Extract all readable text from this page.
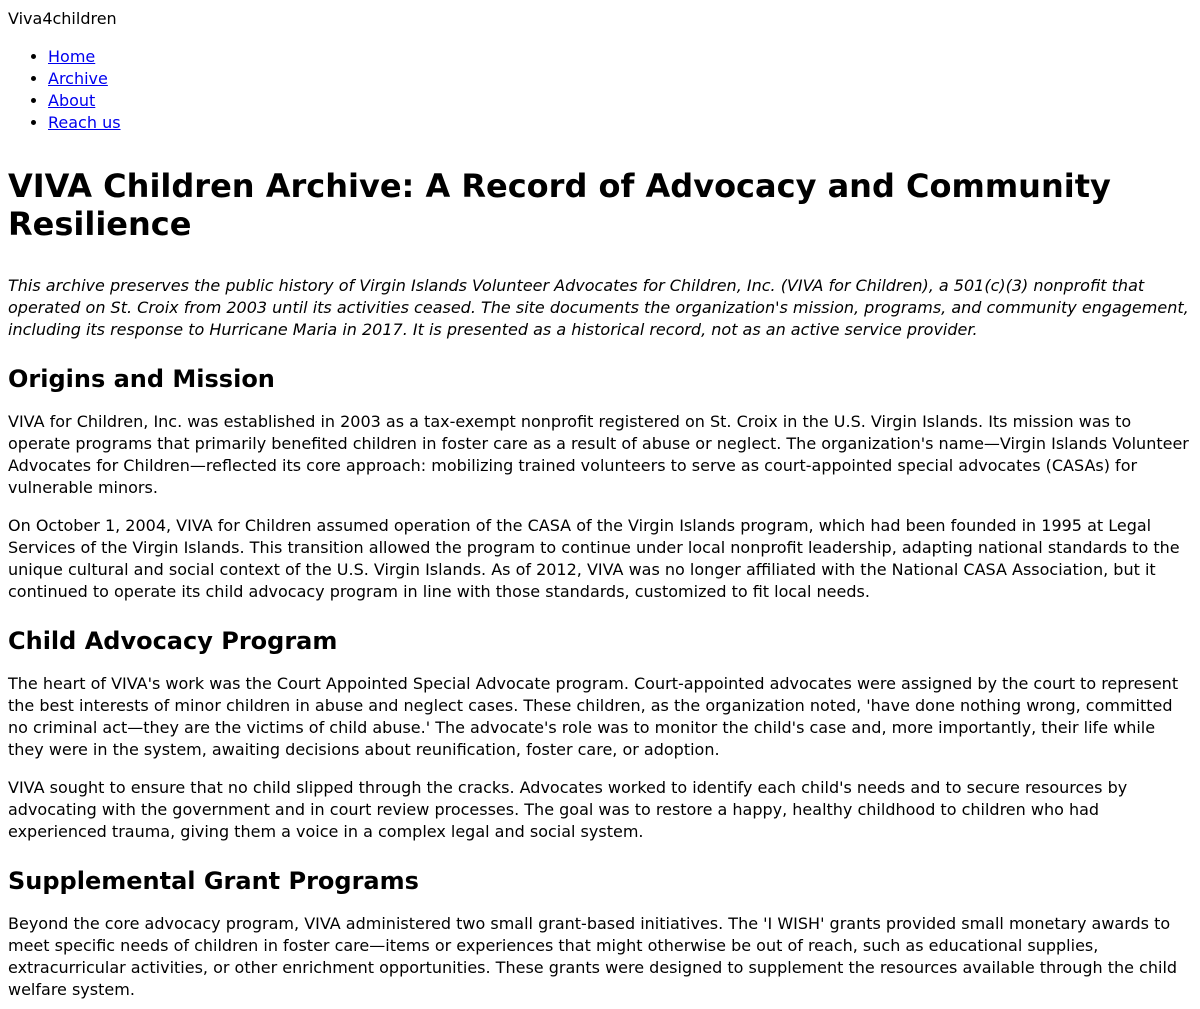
Viva4children
• Home
• Archive
• About
• Reach us
VIVA Children Archive: A Record of Advocacy and Community Resilience

This archive preserves the public history of Virgin Islands Volunteer Advocates for Children, Inc. (VIVA for Children), a 501(c)(3) nonprofit that operated on St. Croix from 2003 until its activities ceased. The site documents the organization's mission, programs, and community engagement, including its response to Hurricane Maria in 2017. It is presented as a historical record, not as an active service provider.

Origins and Mission

VIVA for Children, Inc. was established in 2003 as a tax-exempt nonprofit registered on St. Croix in the U.S. Virgin Islands. Its mission was to operate programs that primarily benefited children in foster care as a result of abuse or neglect. The organization's name—Virgin Islands Volunteer Advocates for Children—reflected its core approach: mobilizing trained volunteers to serve as court-appointed special advocates (CASAs) for vulnerable minors.

On October 1, 2004, VIVA for Children assumed operation of the CASA of the Virgin Islands program, which had been founded in 1995 at Legal Services of the Virgin Islands. This transition allowed the program to continue under local nonprofit leadership, adapting national standards to the unique cultural and social context of the U.S. Virgin Islands. As of 2012, VIVA was no longer affiliated with the National CASA Association, but it continued to operate its child advocacy program in line with those standards, customized to fit local needs.

Child Advocacy Program

The heart of VIVA's work was the Court Appointed Special Advocate program. Court-appointed advocates were assigned by the court to represent the best interests of minor children in abuse and neglect cases. These children, as the organization noted, 'have done nothing wrong, committed no criminal act—they are the victims of child abuse.' The advocate's role was to monitor the child's case and, more importantly, their life while they were in the system, awaiting decisions about reunification, foster care, or adoption.

VIVA sought to ensure that no child slipped through the cracks. Advocates worked to identify each child's needs and to secure resources by advocating with the government and in court review processes. The goal was to restore a happy, healthy childhood to children who had experienced trauma, giving them a voice in a complex legal and social system.

Supplemental Grant Programs

Beyond the core advocacy program, VIVA administered two small grant-based initiatives. The 'I WISH' grants provided small monetary awards to meet specific needs of children in foster care—items or experiences that might otherwise be out of reach, such as educational supplies, extracurricular activities, or other enrichment opportunities. These grants were designed to supplement the resources available through the child welfare system.
